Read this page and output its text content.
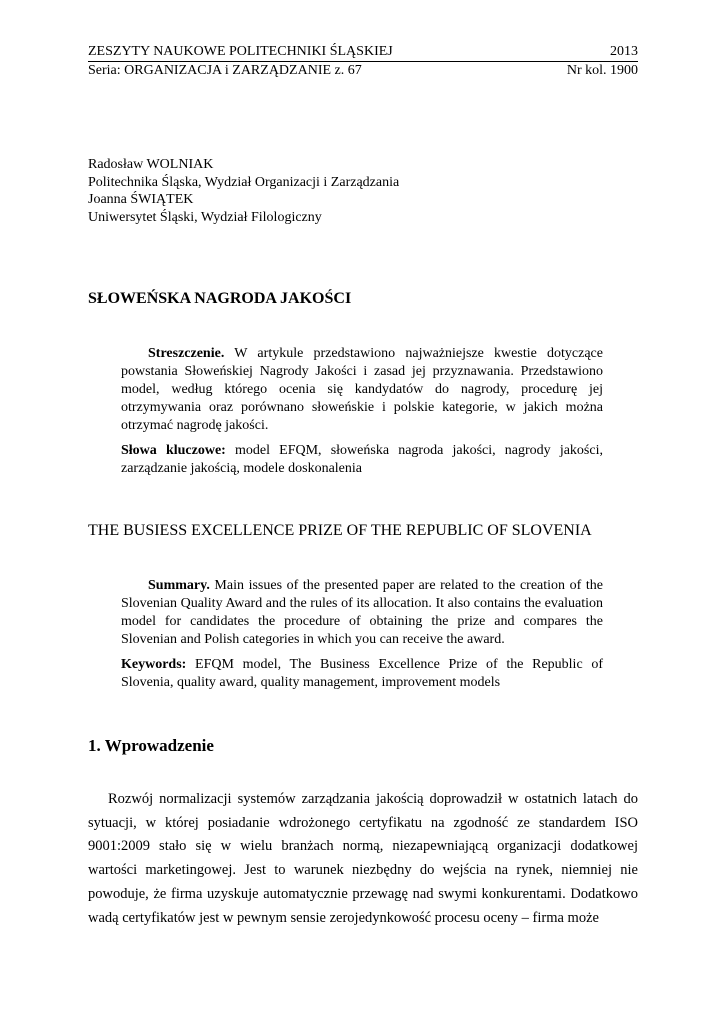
ZESZYTY NAUKOWE POLITECHNIKI ŚLĄSKIEJ	2013
Seria: ORGANIZACJA i ZARZĄDZANIE z. 67	Nr kol. 1900
Radosław WOLNIAK
Politechnika Śląska, Wydział Organizacji i Zarządzania
Joanna ŚWIĄTEK
Uniwersytet Śląski, Wydział Filologiczny
SŁOWEŃSKA NAGRODA JAKOŚCI

Streszczenie. W artykule przedstawiono najważniejsze kwestie dotyczące powstania Słoweńskiej Nagrody Jakości i zasad jej przyznawania. Przedstawiono model, według którego ocenia się kandydatów do nagrody, procedurę jej otrzymywania oraz porównano słoweńskie i polskie kategorie, w jakich można otrzymać nagrodę jakości.

Słowa kluczowe: model EFQM, słoweńska nagroda jakości, nagrody jakości, zarządzanie jakością, modele doskonalenia

THE BUSIESS EXCELLENCE PRIZE OF THE REPUBLIC OF SLOVENIA

Summary. Main issues of the presented paper are related to the creation of the Slovenian Quality Award and the rules of its allocation. It also contains the evaluation model for candidates the procedure of obtaining the prize and compares the Slovenian and Polish categories in which you can receive the award.

Keywords: EFQM model, The Business Excellence Prize of the Republic of Slovenia, quality award, quality management, improvement models

1. Wprowadzenie

Rozwój normalizacji systemów zarządzania jakością doprowadził w ostatnich latach do sytuacji, w której posiadanie wdrożonego certyfikatu na zgodność ze standardem ISO 9001:2009 stało się w wielu branżach normą, niezapewniającą organizacji dodatkowej wartości marketingowej. Jest to warunek niezbędny do wejścia na rynek, niemniej nie powoduje, że firma uzyskuje automatycznie przewagę nad swymi konkurentami. Dodatkowo wadą certyfikatów jest w pewnym sensie zerojedynkowość procesu oceny – firma może
